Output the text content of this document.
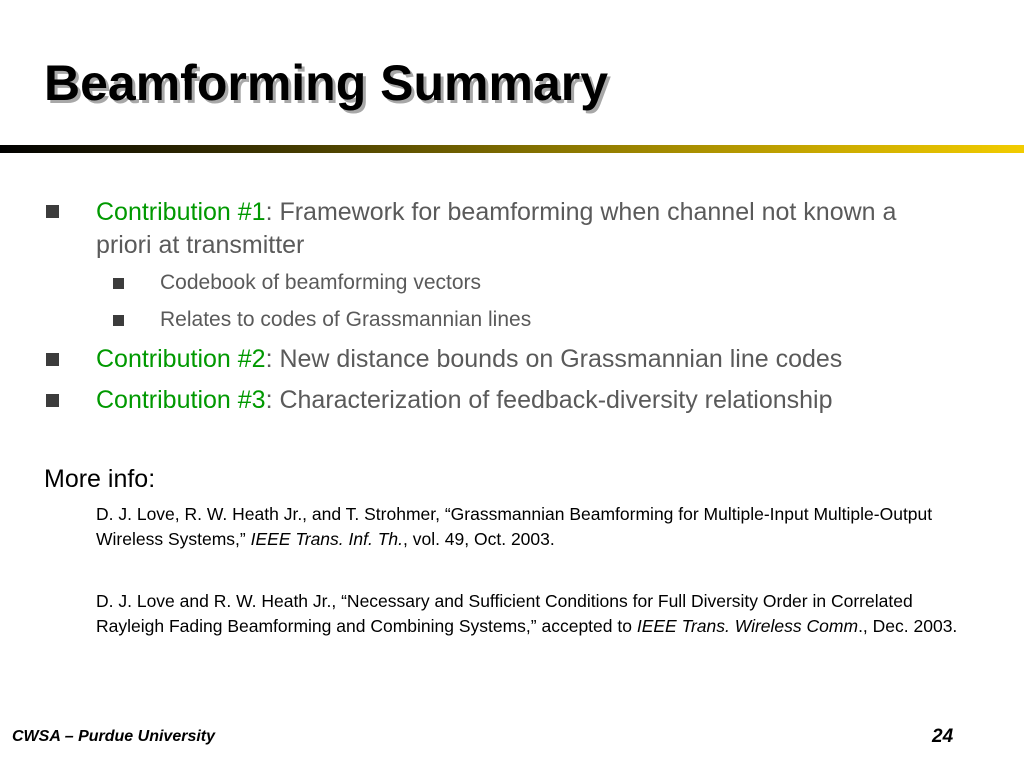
Beamforming Summary
Contribution #1: Framework for beamforming when channel not known a priori at transmitter
Codebook of beamforming vectors
Relates to codes of Grassmannian lines
Contribution #2: New distance bounds on Grassmannian line codes
Contribution #3: Characterization of feedback-diversity relationship
More info:
D. J. Love, R. W. Heath Jr., and T. Strohmer, “Grassmannian Beamforming for Multiple-Input Multiple-Output Wireless Systems,” IEEE Trans. Inf. Th., vol. 49, Oct. 2003.
D. J. Love and R. W. Heath Jr., “Necessary and Sufficient Conditions for Full Diversity Order in Correlated Rayleigh Fading Beamforming and Combining Systems,” accepted to IEEE Trans. Wireless Comm., Dec. 2003.
CWSA – Purdue University	24
